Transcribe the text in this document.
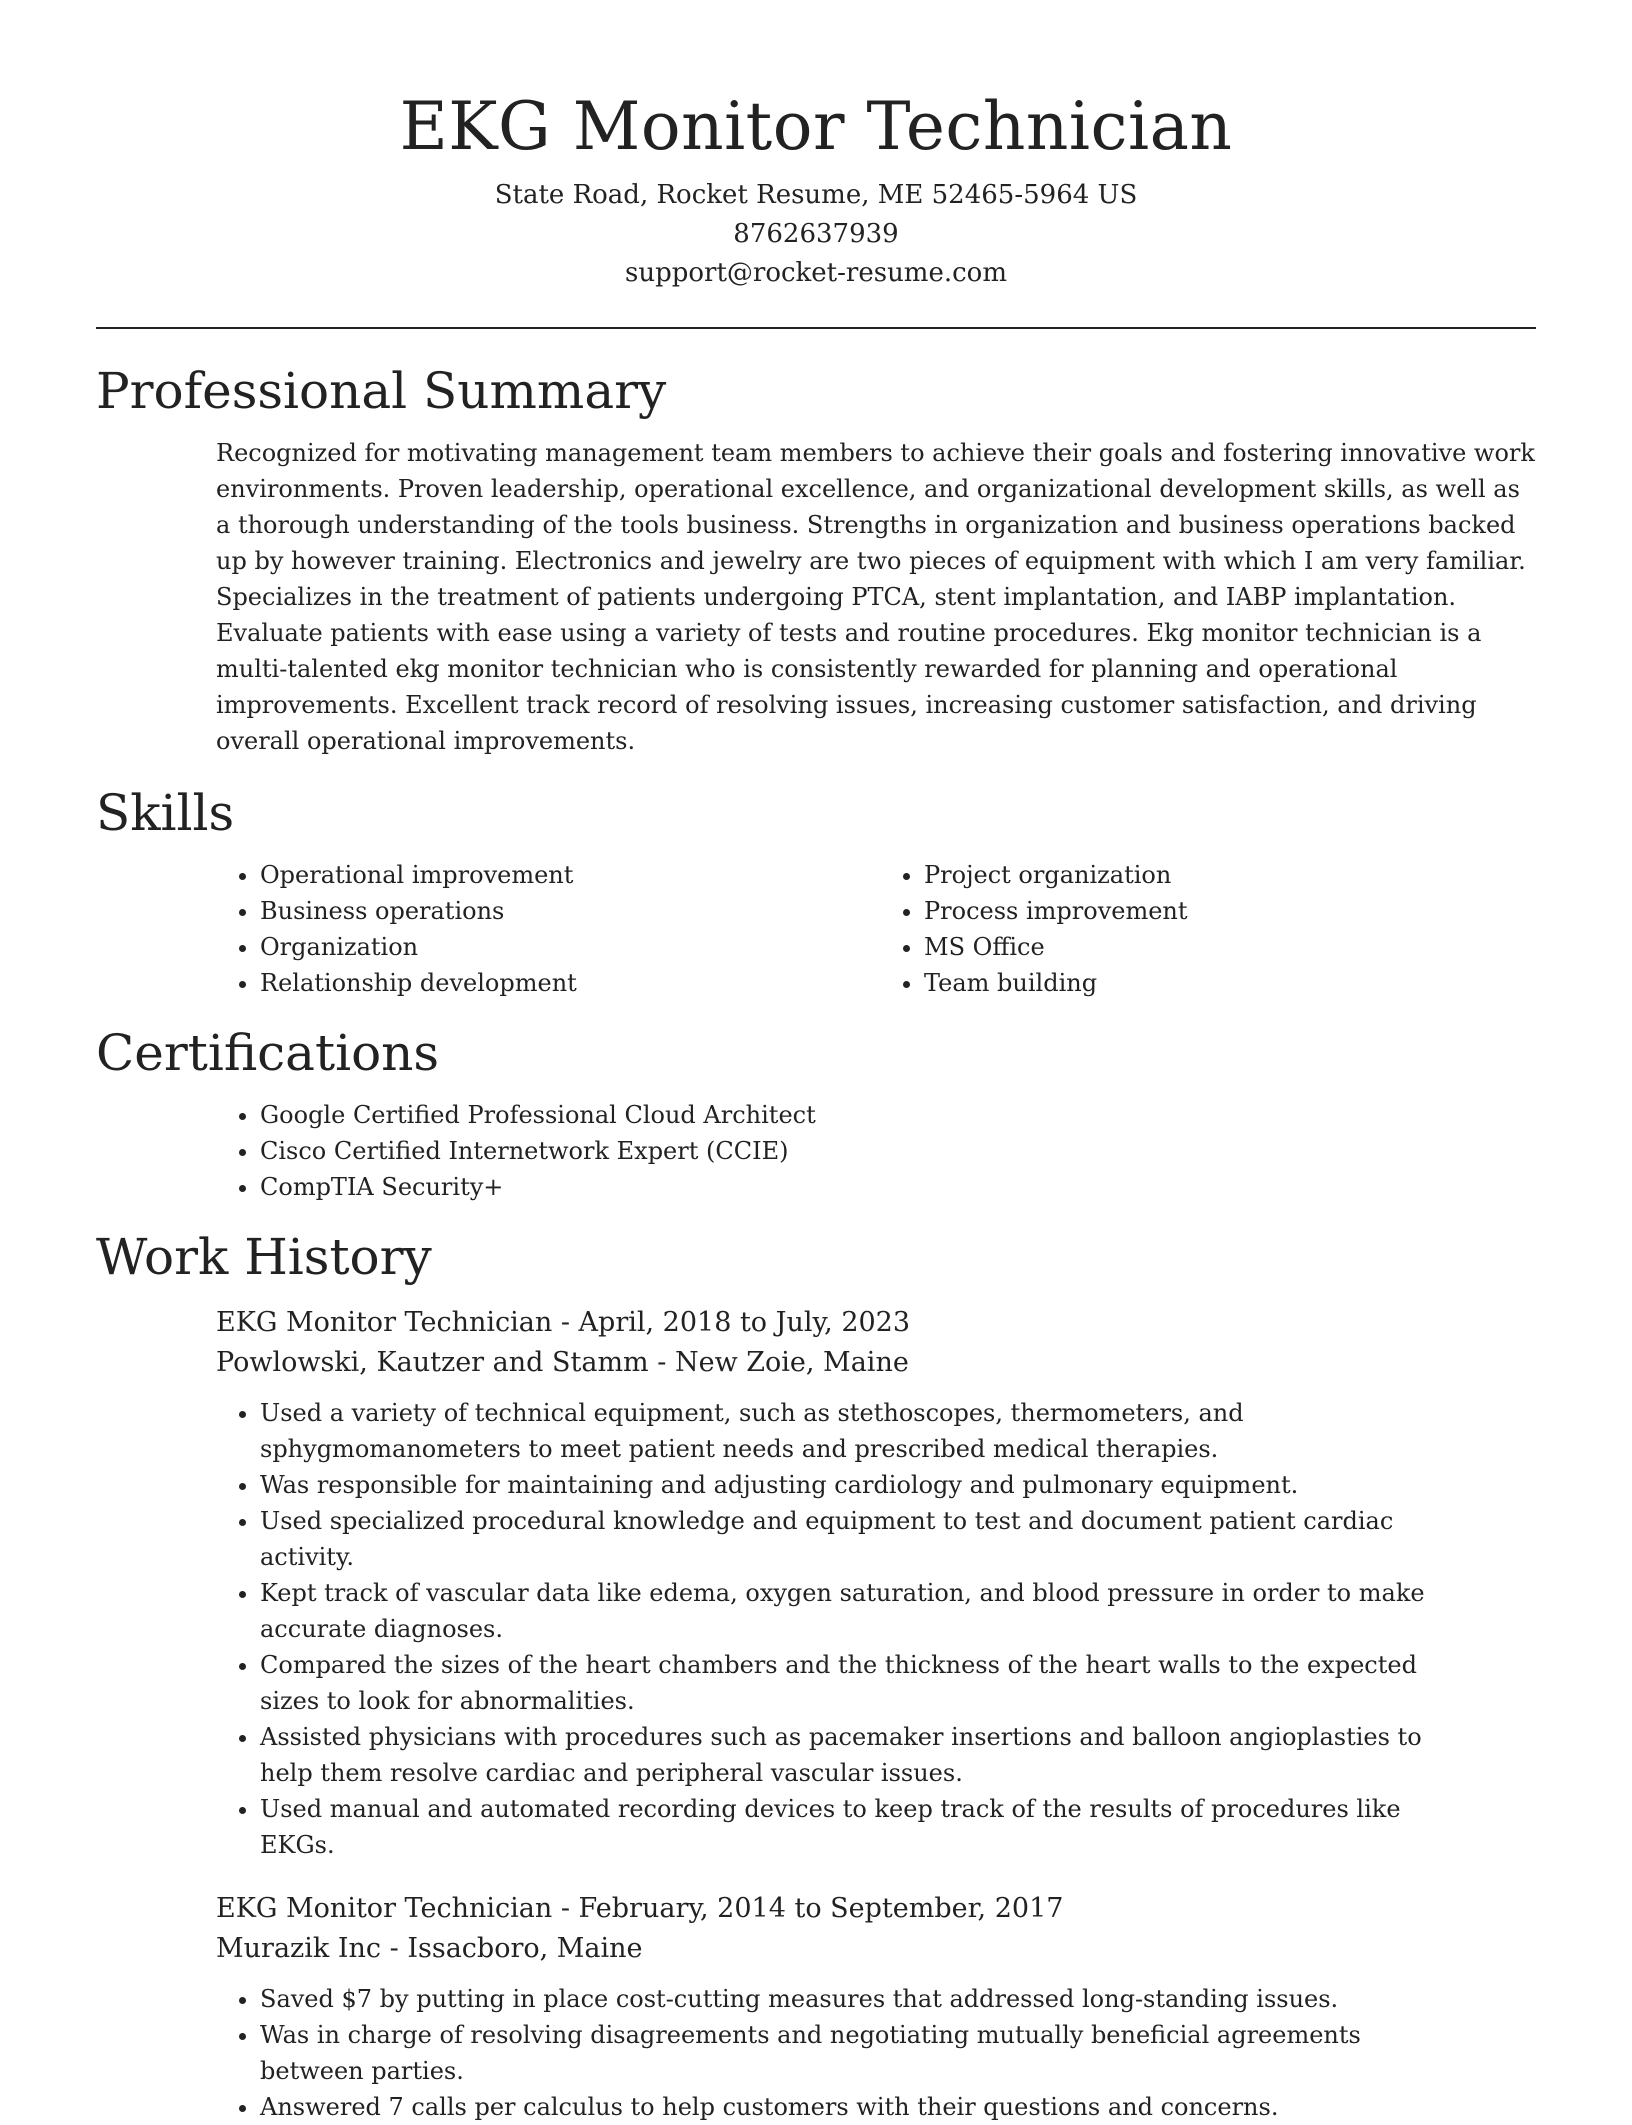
EKG Monitor Technician
State Road, Rocket Resume, ME 52465-5964 US
8762637939
support@rocket-resume.com
Professional Summary

Recognized for motivating management team members to achieve their goals and fostering innovative work environments. Proven leadership, operational excellence, and organizational development skills, as well as a thorough understanding of the tools business. Strengths in organization and business operations backed up by however training. Electronics and jewelry are two pieces of equipment with which I am very familiar. Specializes in the treatment of patients undergoing PTCA, stent implantation, and IABP implantation. Evaluate patients with ease using a variety of tests and routine procedures. Ekg monitor technician is a multi-talented ekg monitor technician who is consistently rewarded for planning and operational improvements. Excellent track record of resolving issues, increasing customer satisfaction, and driving overall operational improvements.

Skills
• Operational improvement
• Business operations
• Organization
• Relationship development
• Project organization
• Process improvement
• MS Office
• Team building
Certifications
• Google Certified Professional Cloud Architect
• Cisco Certified Internetwork Expert (CCIE)
• CompTIA Security+
Work History
EKG Monitor Technician - April, 2018 to July, 2023
Powlowski, Kautzer and Stamm - New Zoie, Maine
• Used a variety of technical equipment, such as stethoscopes, thermometers, and sphygmomanometers to meet patient needs and prescribed medical therapies.
• Was responsible for maintaining and adjusting cardiology and pulmonary equipment.
• Used specialized procedural knowledge and equipment to test and document patient cardiac activity.
• Kept track of vascular data like edema, oxygen saturation, and blood pressure in order to make accurate diagnoses.
• Compared the sizes of the heart chambers and the thickness of the heart walls to the expected sizes to look for abnormalities.
• Assisted physicians with procedures such as pacemaker insertions and balloon angioplasties to help them resolve cardiac and peripheral vascular issues.
• Used manual and automated recording devices to keep track of the results of procedures like EKGs.
EKG Monitor Technician - February, 2014 to September, 2017
Murazik Inc - Issacboro, Maine
• Saved $7 by putting in place cost-cutting measures that addressed long-standing issues.
• Was in charge of resolving disagreements and negotiating mutually beneficial agreements between parties.
• Answered 7 calls per calculus to help customers with their questions and concerns.
